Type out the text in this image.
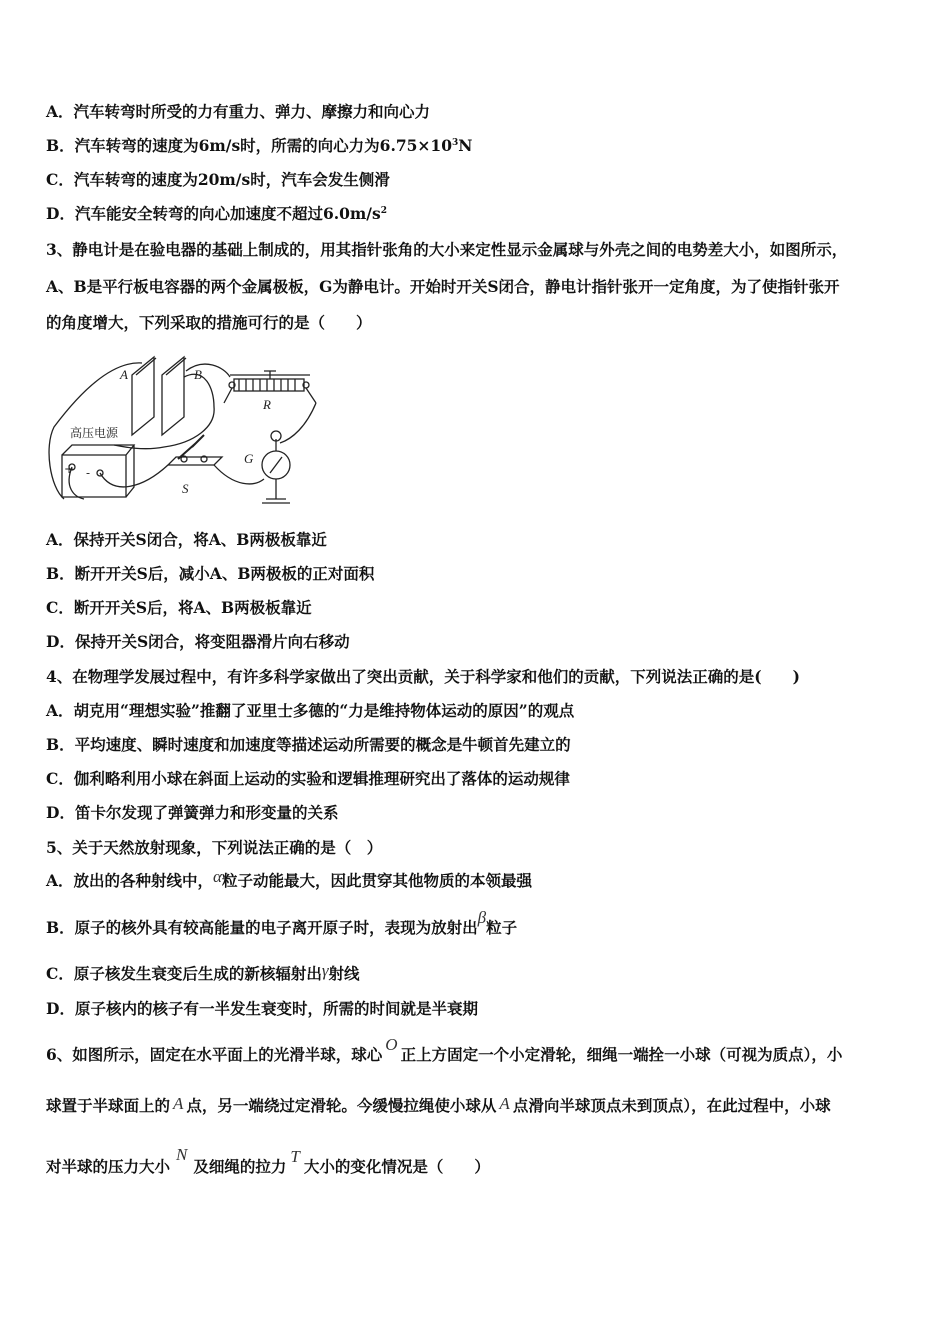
A．汽车转弯时所受的力有重力、弹力、摩擦力和向心力
B．汽车转弯的速度为6m/s时，所需的向心力为$6.75\times 10^3N$
C．汽车转弯的速度为20m/s时，汽车会发生侧滑
D．汽车能安全转弯的向心加速度不超过$6.0m/s^2$
3、静电计是在验电器的基础上制成的，用其指针张角的大小来定性显示金属球与外壳之间的电势差大小，如图所示，
A、B是平行板电容器的两个金属极板，G为静电计。开始时开关S闭合，静电计指针张开一定角度，为了使指针张开
的角度增大，下列采取的措施可行的是（　　）
A	B
R
G
S
高压电源
+ -
A．保持开关S闭合，将A、B两极板靠近
B．断开开关S后，减小A、B两极板的正对面积
C．断开开关S后，将A、B两极板靠近
D．保持开关S闭合，将变阻器滑片向右移动
4、在物理学发展过程中，有许多科学家做出了突出贡献，关于科学家和他们的贡献，下列说法正确的是(　　)
A．胡克用“理想实验”推翻了亚里士多德的“力是维持物体运动的原因”的观点
B．平均速度、瞬时速度和加速度等描述运动所需要的概念是牛顿首先建立的
C．伽利略利用小球在斜面上运动的实验和逻辑推理研究出了落体的运动规律
D．笛卡尔发现了弹簧弹力和形变量的关系
5、关于天然放射现象，下列说法正确的是（　）
A．放出的各种射线中，α粒子动能最大，因此贯穿其他物质的本领最强
B．原子的核外具有较高能量的电子离开原子时，表现为放射出β粒子
C．原子核发生衰变后生成的新核辐射出γ射线
D．原子核内的核子有一半发生衰变时，所需的时间就是半衰期
6、如图所示，固定在水平面上的光滑半球，球心O正上方固定一个小定滑轮，细绳一端拴一小球（可视为质点），小
球置于半球面上的 A 点，另一端绕过定滑轮。今缓慢拉绳使小球从 A 点滑向半球顶点未到顶点），在此过程中，小球
对半球的压力大小N及细绳的拉力T大小的变化情况是（　　）
